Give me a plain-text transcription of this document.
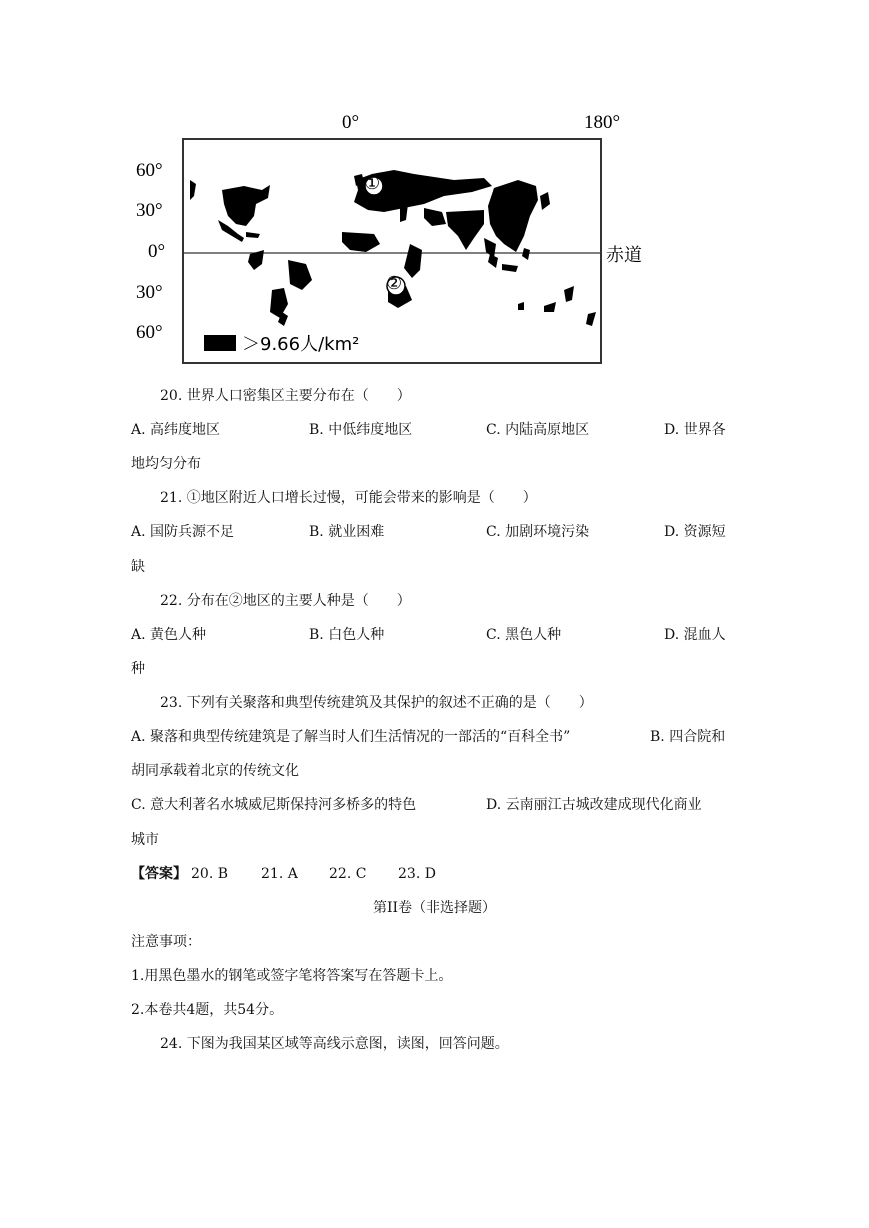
0°	180°
60°
30°
0°
30°
60°
赤道
①
②
＞9.66人/km²
20. 世界人口密集区主要分布在（　　）
A. 高纬度地区	B. 中低纬度地区	C. 内陆高原地区	D. 世界各
地均匀分布
21. ①地区附近人口增长过慢，可能会带来的影响是（　　）
A. 国防兵源不足	B. 就业困难	C. 加剧环境污染	D. 资源短
缺
22. 分布在②地区的主要人种是（　　）
A. 黄色人种	B. 白色人种	C. 黑色人种	D. 混血人
种
23. 下列有关聚落和典型传统建筑及其保护的叙述不正确的是（　　）
A. 聚落和典型传统建筑是了解当时人们生活情况的一部活的“百科全书”	B. 四合院和
胡同承载着北京的传统文化
C. 意大利著名水城威尼斯保持河多桥多的特色	D. 云南丽江古城改建成现代化商业
城市
【答案】 20. B 21. A 22. C 23. D
第II卷（非选择题）
注意事项：
1.用黑色墨水的钢笔或签字笔将答案写在答题卡上。
2.本卷共4题，共54分。
24. 下图为我国某区域等高线示意图，读图，回答问题。
